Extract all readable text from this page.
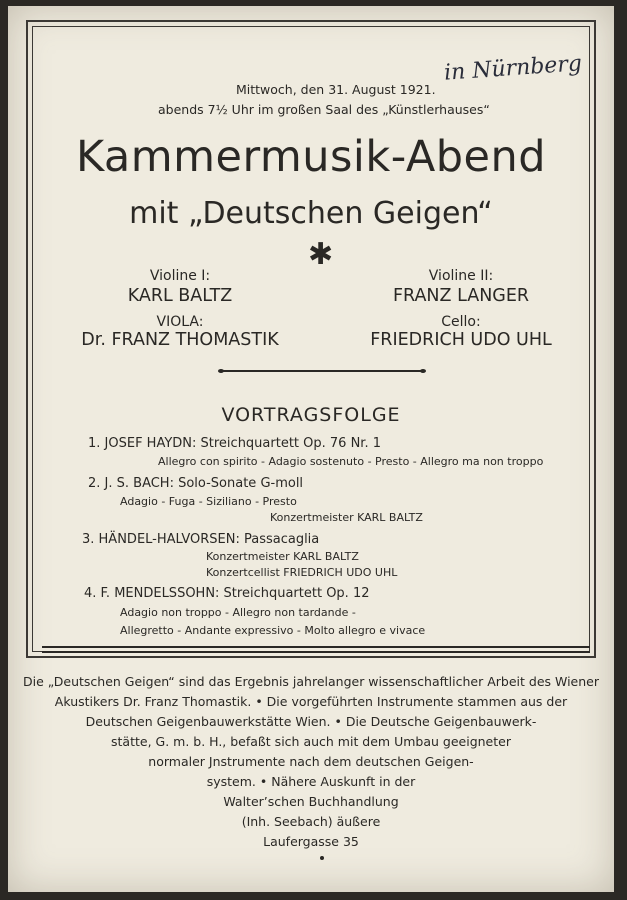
Mittwoch, den 31. August 1921.
abends 7½ Uhr im großen Saal des „Künstlerhauses“
in Nürnberg
Kammermusik-Abend
mit „Deutschen Geigen“
✱
Violine I:
KARL BALTZ
Violine II:
FRANZ LANGER
VIOLA:
Dr. FRANZ THOMASTIK
Cello:
FRIEDRICH UDO UHL
VORTRAGSFOLGE
1. JOSEF HAYDN: Streichquartett Op. 76 Nr. 1
Allegro con spirito - Adagio sostenuto - Presto - Allegro ma non troppo
2. J. S. BACH: Solo-Sonate G-moll
Adagio - Fuga - Siziliano - Presto
Konzertmeister KARL BALTZ
3. HÄNDEL-HALVORSEN: Passacaglia
Konzertmeister KARL BALTZ
Konzertcellist FRIEDRICH UDO UHL
4. F. MENDELSSOHN: Streichquartett Op. 12
Adagio non troppo - Allegro non tardande -
Allegretto - Andante expressivo - Molto allegro e vivace
Die „Deutschen Geigen“ sind das Ergebnis jahrelanger wissenschaftlicher Arbeit des Wiener
Akustikers Dr. Franz Thomastik. • Die vorgeführten Instrumente stammen aus der
Deutschen Geigenbauwerkstätte Wien. • Die Deutsche Geigenbauwerk-
stätte, G. m. b. H., befaßt sich auch mit dem Umbau geeigneter
normaler Jnstrumente nach dem deutschen Geigen-
system. • Nähere Auskunft in der
Walter’schen Buchhandlung
(Inh. Seebach) äußere
Laufergasse 35
